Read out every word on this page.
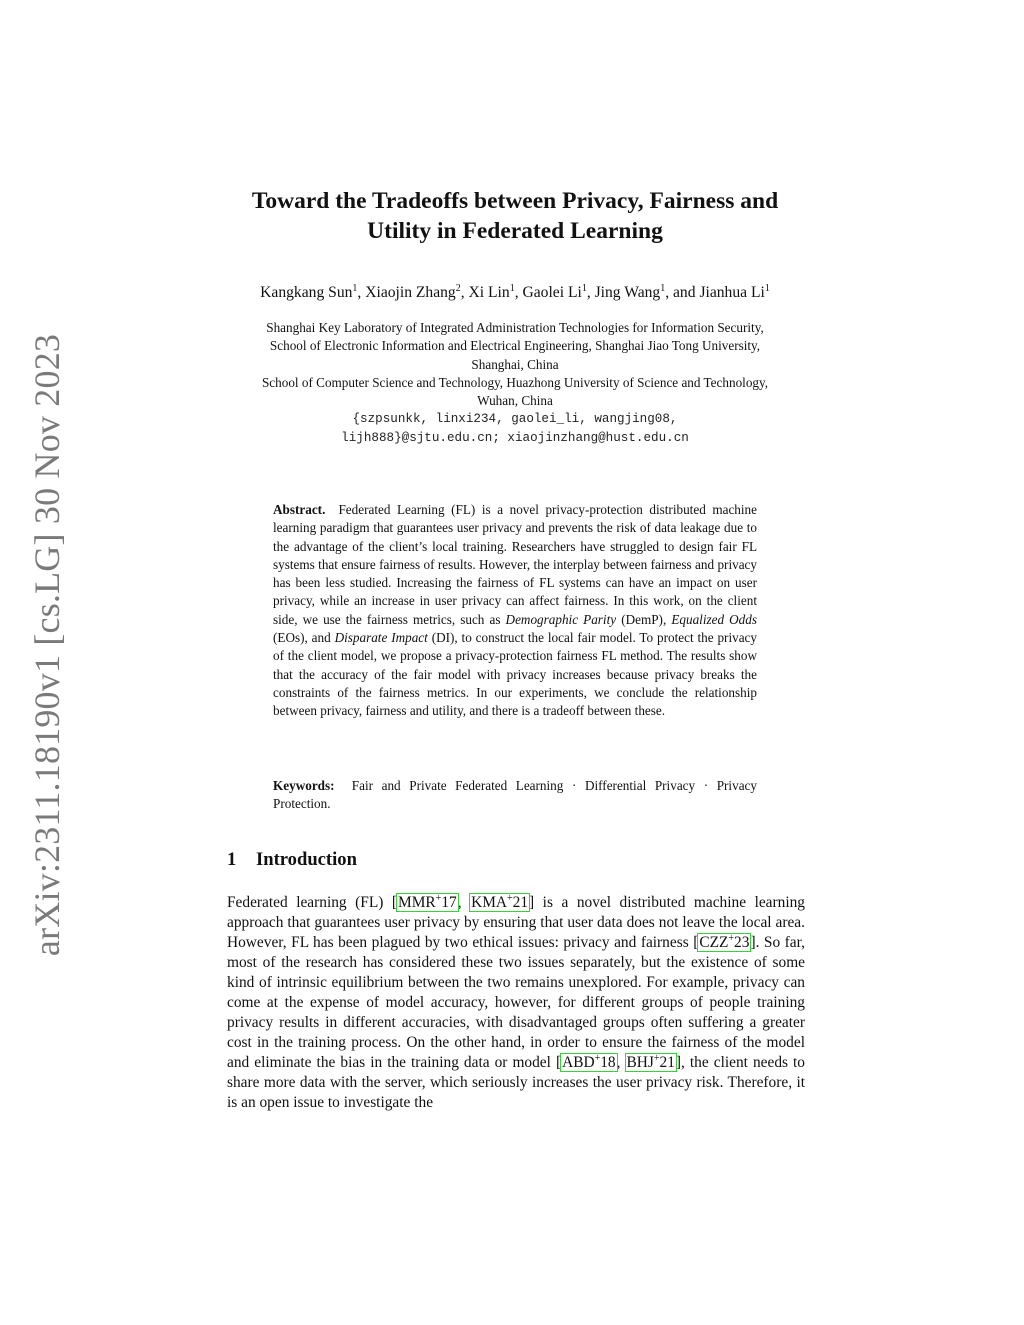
arXiv:2311.18190v1 [cs.LG] 30 Nov 2023
Toward the Tradeoffs between Privacy, Fairness and
Utility in Federated Learning
Kangkang Sun$^1$, Xiaojin Zhang$^2$, Xi Lin$^1$, Gaolei Li$^1$, Jing Wang$^1$, and Jianhua Li$^1$
Shanghai Key Laboratory of Integrated Administration Technologies for Information Security,
School of Electronic Information and Electrical Engineering, Shanghai Jiao Tong University,
Shanghai, China
School of Computer Science and Technology, Huazhong University of Science and Technology,
Wuhan, China
{szpsunkk, linxi234, gaolei_li, wangjing08,
lijh888}@sjtu.edu.cn; xiaojinzhang@hust.edu.cn
Abstract. Federated Learning (FL) is a novel privacy-protection distributed machine learning paradigm that guarantees user privacy and prevents the risk of data leakage due to the advantage of the client’s local training. Researchers have struggled to design fair FL systems that ensure fairness of results. However, the interplay between fairness and privacy has been less studied. Increasing the fairness of FL systems can have an impact on user privacy, while an increase in user privacy can affect fairness. In this work, on the client side, we use the fairness metrics, such as Demographic Parity (DemP), Equalized Odds (EOs), and Disparate Impact (DI), to construct the local fair model. To protect the privacy of the client model, we propose a privacy-protection fairness FL method. The results show that the accuracy of the fair model with privacy increases because privacy breaks the constraints of the fairness metrics. In our experiments, we conclude the relationship between privacy, fairness and utility, and there is a tradeoff between these.
Keywords: Fair and Private Federated Learning · Differential Privacy · Privacy Protection.
1 Introduction
Federated learning (FL) [MMR+17, KMA+21] is a novel distributed machine learning approach that guarantees user privacy by ensuring that user data does not leave the local area. However, FL has been plagued by two ethical issues: privacy and fairness [CZZ+23]. So far, most of the research has considered these two issues separately, but the existence of some kind of intrinsic equilibrium between the two remains unexplored. For example, privacy can come at the expense of model accuracy, however, for different groups of people training privacy results in different accuracies, with disadvantaged groups often suffering a greater cost in the training process. On the other hand, in order to ensure the fairness of the model and eliminate the bias in the training data or model [ABD+18, BHJ+21], the client needs to share more data with the server, which seriously increases the user privacy risk. Therefore, it is an open issue to investigate the
